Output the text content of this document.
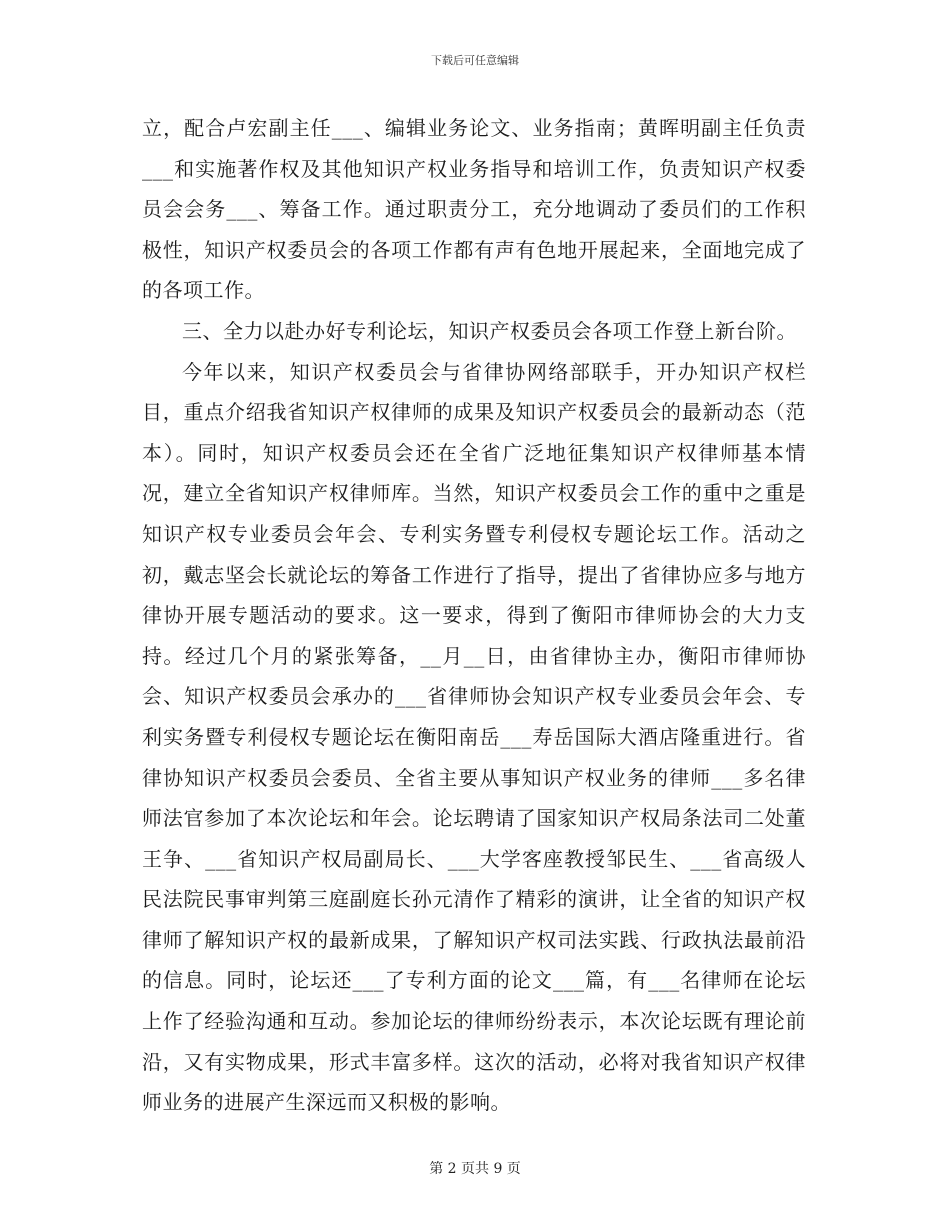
下载后可任意编辑

立，配合卢宏副主任___、编辑业务论文、业务指南；黄晖明副主任负责___和实施著作权及其他知识产权业务指导和培训工作，负责知识产权委员会会务___、筹备工作。通过职责分工，充分地调动了委员们的工作积极性，知识产权委员会的各项工作都有声有色地开展起来，全面地完成了的各项工作。

三、全力以赴办好专利论坛，知识产权委员会各项工作登上新台阶。

今年以来，知识产权委员会与省律协网络部联手，开办知识产权栏目，重点介绍我省知识产权律师的成果及知识产权委员会的最新动态（范本）。同时，知识产权委员会还在全省广泛地征集知识产权律师基本情况，建立全省知识产权律师库。当然，知识产权委员会工作的重中之重是知识产权专业委员会年会、专利实务暨专利侵权专题论坛工作。活动之初，戴志坚会长就论坛的筹备工作进行了指导，提出了省律协应多与地方律协开展专题活动的要求。这一要求，得到了衡阳市律师协会的大力支持。经过几个月的紧张筹备，__月__日，由省律协主办，衡阳市律师协会、知识产权委员会承办的___省律师协会知识产权专业委员会年会、专利实务暨专利侵权专题论坛在衡阳南岳___寿岳国际大酒店隆重进行。省律协知识产权委员会委员、全省主要从事知识产权业务的律师___多名律师法官参加了本次论坛和年会。论坛聘请了国家知识产权局条法司二处董王争、___省知识产权局副局长、___大学客座教授邹民生、___省高级人民法院民事审判第三庭副庭长孙元清作了精彩的演讲，让全省的知识产权律师了解知识产权的最新成果，了解知识产权司法实践、行政执法最前沿的信息。同时，论坛还___了专利方面的论文___篇，有___名律师在论坛上作了经验沟通和互动。参加论坛的律师纷纷表示，本次论坛既有理论前沿，又有实物成果，形式丰富多样。这次的活动，必将对我省知识产权律师业务的进展产生深远而又积极的影响。

第 2 页共 9 页
